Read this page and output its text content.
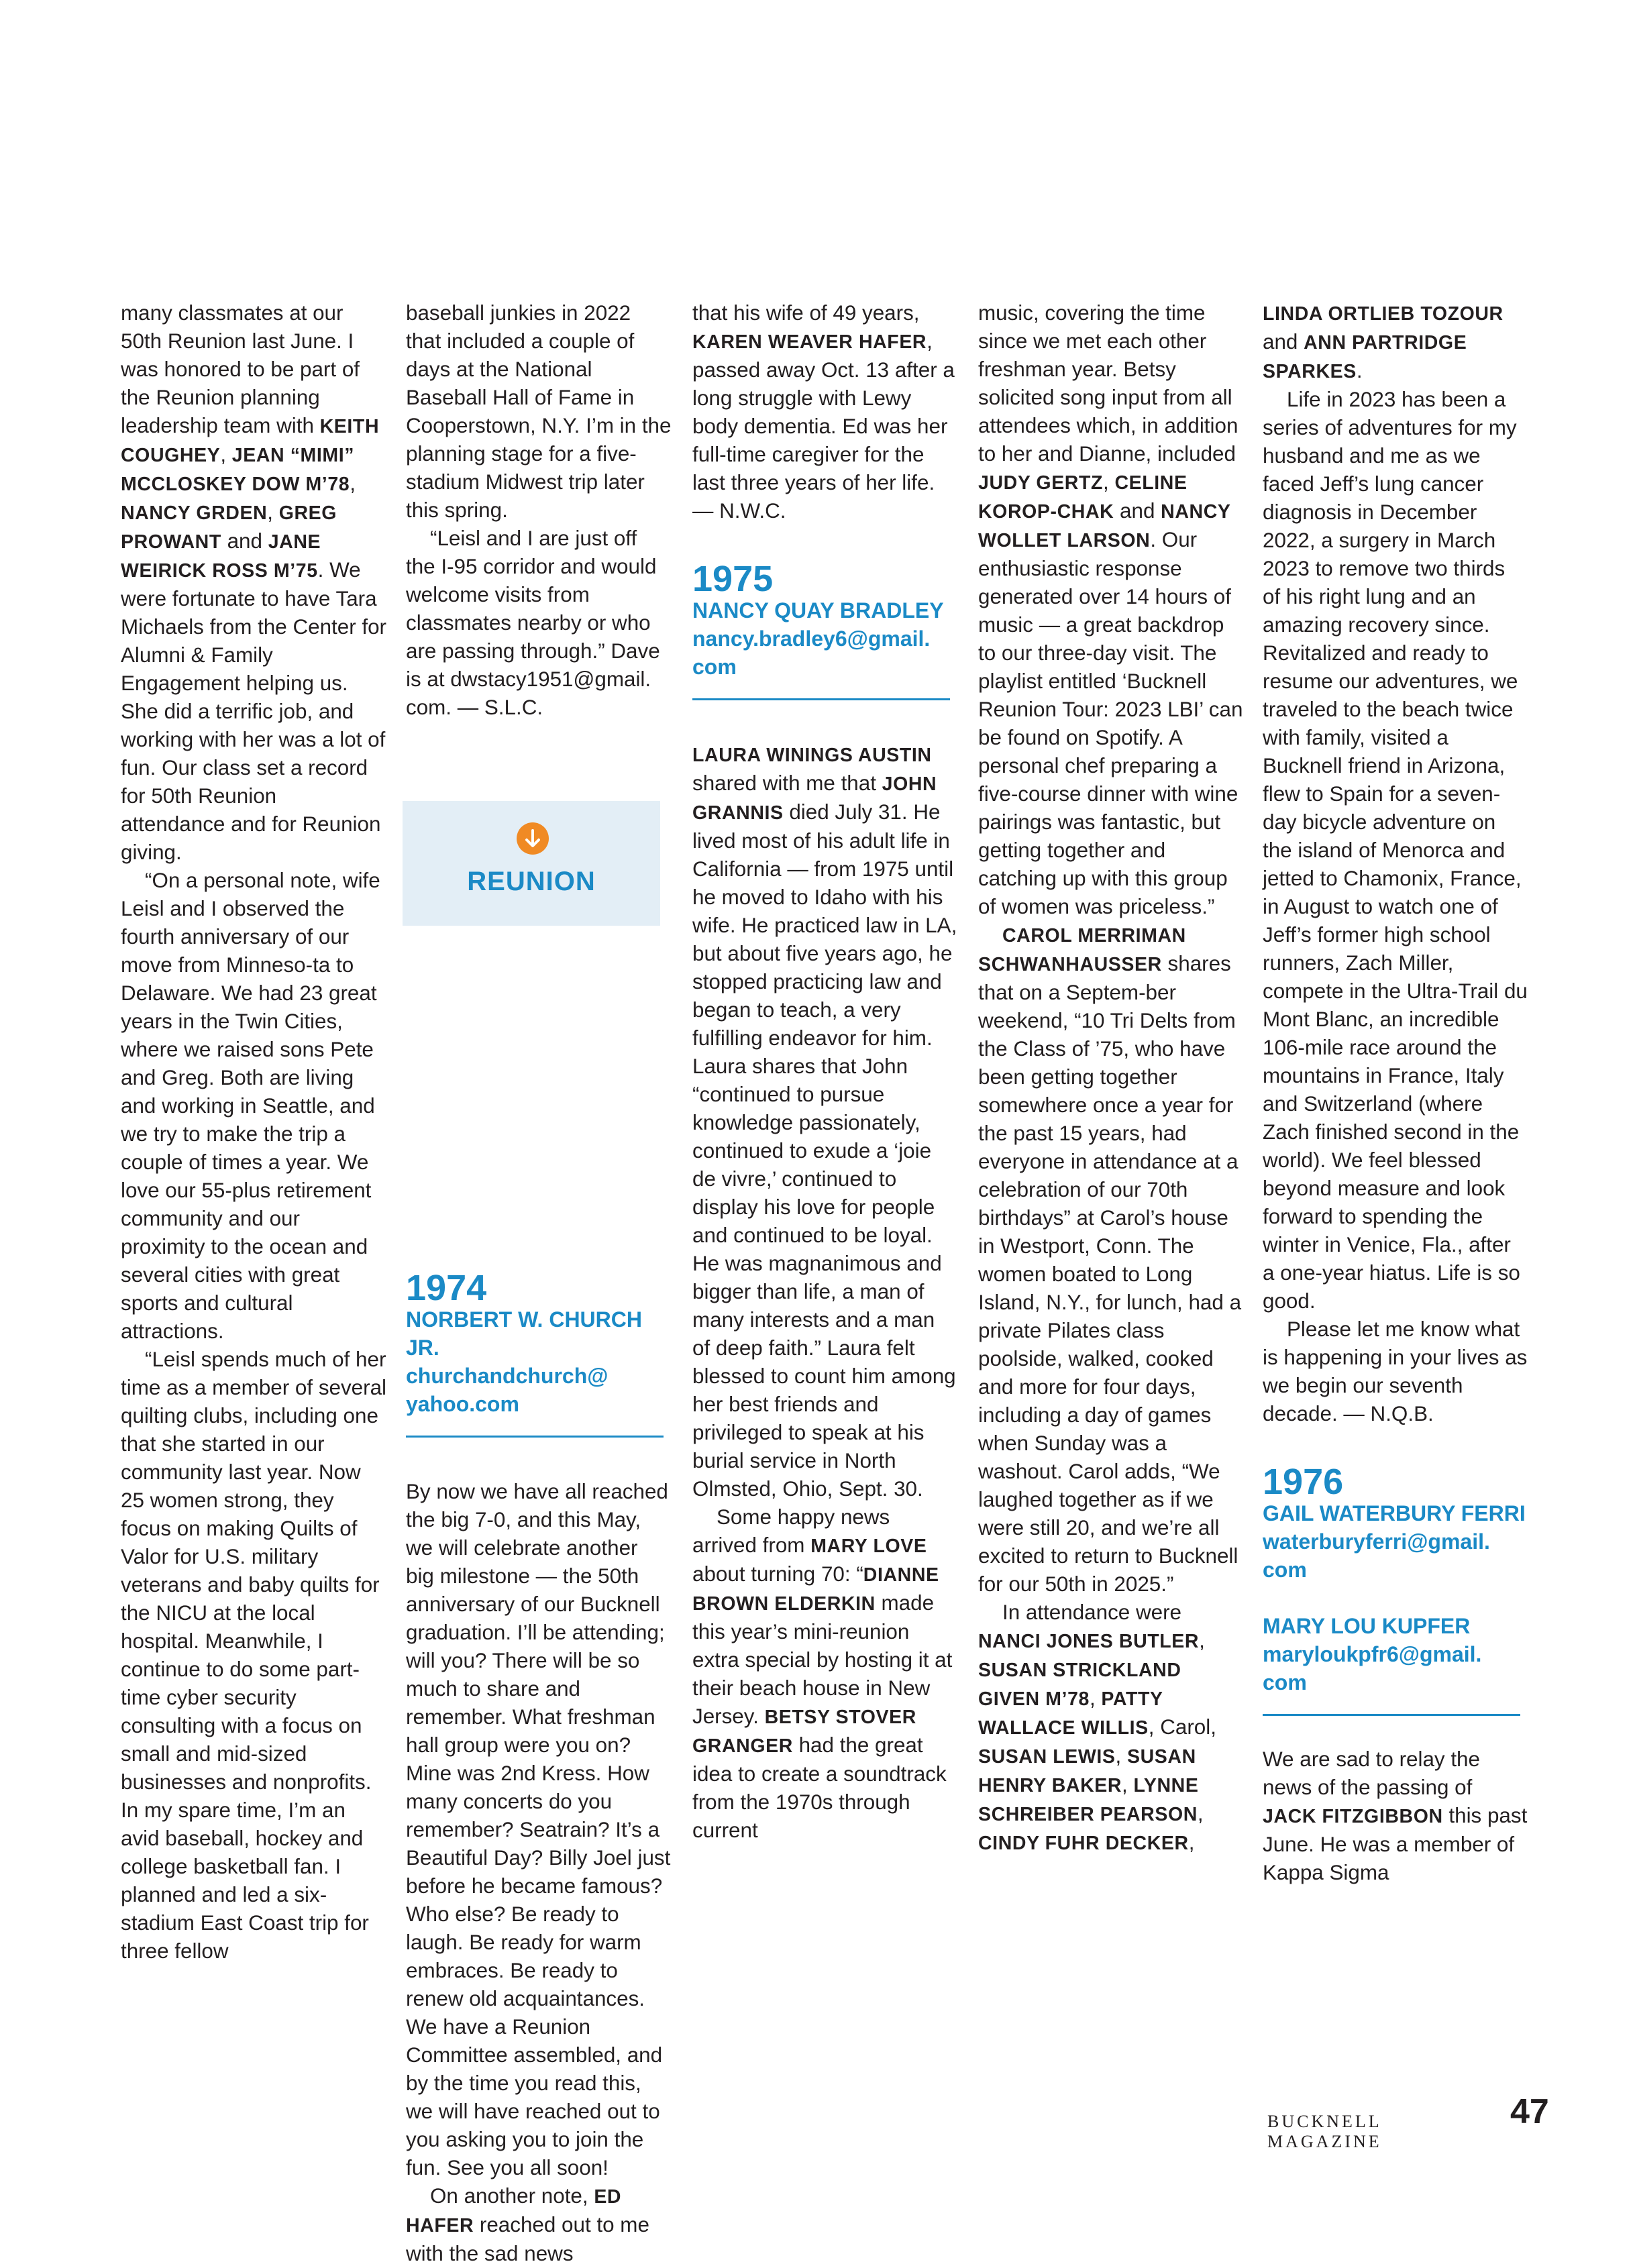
many classmates at our 50th Reunion last June. I was honored to be part of the Reunion planning leadership team with KEITH COUGHEY, JEAN “MIMI” MCCLOSKEY DOW M’78, NANCY GRDEN, GREG PROWANT and JANE WEIRICK ROSS M’75. We were fortunate to have Tara Michaels from the Center for Alumni & Family Engagement helping us. She did a terrific job, and working with her was a lot of fun. Our class set a record for 50th Reunion attendance and for Reunion giving.

“On a personal note, wife Leisl and I observed the fourth anniversary of our move from Minneso-ta to Delaware. We had 23 great years in the Twin Cities, where we raised sons Pete and Greg. Both are living and working in Seattle, and we try to make the trip a couple of times a year. We love our 55-plus retirement community and our proximity to the ocean and several cities with great sports and cultural attractions.

“Leisl spends much of her time as a member of several quilting clubs, including one that she started in our community last year. Now 25 women strong, they focus on making Quilts of Valor for U.S. military veterans and baby quilts for the NICU at the local hospital. Meanwhile, I continue to do some part-time cyber security consulting with a focus on small and mid-sized businesses and nonprofits. In my spare time, I’m an avid baseball, hockey and college basketball fan. I planned and led a six-stadium East Coast trip for three fellow

baseball junkies in 2022 that included a couple of days at the National Baseball Hall of Fame in Cooperstown, N.Y. I’m in the planning stage for a five-stadium Midwest trip later this spring.

“Leisl and I are just off the I-95 corridor and would welcome visits from classmates nearby or who are passing through.” Dave is at dwstacy1951@gmail. com. — S.L.C.

1974
NORBERT W. CHURCH JR.
churchandchurch@ yahoo.com

By now we have all reached the big 7-0, and this May, we will celebrate another big milestone — the 50th anniversary of our Bucknell graduation. I’ll be attending; will you? There will be so much to share and remember. What freshman hall group were you on? Mine was 2nd Kress. How many concerts do you remember? Seatrain? It’s a Beautiful Day? Billy Joel just before he became famous? Who else? Be ready to laugh. Be ready for warm embraces. Be ready to renew old acquaintances. We have a Reunion Committee assembled, and by the time you read this, we will have reached out to you asking you to join the fun. See you all soon!

On another note, ED HAFER reached out to me with the sad news

REUNION

that his wife of 49 years, KAREN WEAVER HAFER, passed away Oct. 13 after a long struggle with Lewy body dementia. Ed was her full-time caregiver for the last three years of her life. — N.W.C.

1975
NANCY QUAY BRADLEY
nancy.bradley6@gmail. com

LAURA WININGS AUSTIN shared with me that JOHN GRANNIS died July 31. He lived most of his adult life in California — from 1975 until he moved to Idaho with his wife. He practiced law in LA, but about five years ago, he stopped practicing law and began to teach, a very fulfilling endeavor for him. Laura shares that John “continued to pursue knowledge passionately, continued to exude a ‘joie de vivre,’ continued to display his love for people and continued to be loyal. He was magnanimous and bigger than life, a man of many interests and a man of deep faith.” Laura felt blessed to count him among her best friends and privileged to speak at his burial service in North Olmsted, Ohio, Sept. 30.

Some happy news arrived from MARY LOVE about turning 70: “DIANNE BROWN ELDERKIN made this year’s mini-reunion extra special by hosting it at their beach house in New Jersey. BETSY STOVER GRANGER had the great idea to create a soundtrack from the 1970s through current

music, covering the time since we met each other freshman year. Betsy solicited song input from all attendees which, in addition to her and Dianne, included JUDY GERTZ, CELINE KOROP-CHAK and NANCY WOLLET LARSON. Our enthusiastic response generated over 14 hours of music — a great backdrop to our three-day visit. The playlist entitled ‘Bucknell Reunion Tour: 2023 LBI’ can be found on Spotify. A personal chef preparing a five-course dinner with wine pairings was fantastic, but getting together and catching up with this group of women was priceless.”

CAROL MERRIMAN SCHWANHAUSSER shares that on a Septem-ber weekend, “10 Tri Delts from the Class of ’75, who have been getting together somewhere once a year for the past 15 years, had everyone in attendance at a celebration of our 70th birthdays” at Carol’s house in Westport, Conn. The women boated to Long Island, N.Y., for lunch, had a private Pilates class poolside, walked, cooked and more for four days, including a day of games when Sunday was a washout. Carol adds, “We laughed together as if we were still 20, and we’re all excited to return to Bucknell for our 50th in 2025.”

In attendance were NANCI JONES BUTLER, SUSAN STRICKLAND GIVEN M’78, PATTY WALLACE WILLIS, Carol, SUSAN LEWIS, SUSAN HENRY BAKER, LYNNE SCHREIBER PEARSON, CINDY FUHR DECKER,

LINDA ORTLIEB TOZOUR and ANN PARTRIDGE SPARKES.

Life in 2023 has been a series of adventures for my husband and me as we faced Jeff’s lung cancer diagnosis in December 2022, a surgery in March 2023 to remove two thirds of his right lung and an amazing recovery since. Revitalized and ready to resume our adventures, we traveled to the beach twice with family, visited a Bucknell friend in Arizona, flew to Spain for a seven-day bicycle adventure on the island of Menorca and jetted to Chamonix, France, in August to watch one of Jeff’s former high school runners, Zach Miller, compete in the Ultra-Trail du Mont Blanc, an incredible 106-mile race around the mountains in France, Italy and Switzerland (where Zach finished second in the world). We feel blessed beyond measure and look forward to spending the winter in Venice, Fla., after a one-year hiatus. Life is so good.

Please let me know what is happening in your lives as we begin our seventh decade. — N.Q.B.

1976
GAIL WATERBURY FERRI
waterburyferri@gmail. com
MARY LOU KUPFER
maryloukpfr6@gmail. com

We are sad to relay the news of the passing of JACK FITZGIBBON this past June. He was a member of Kappa Sigma

BUCKNELL MAGAZINE
47
